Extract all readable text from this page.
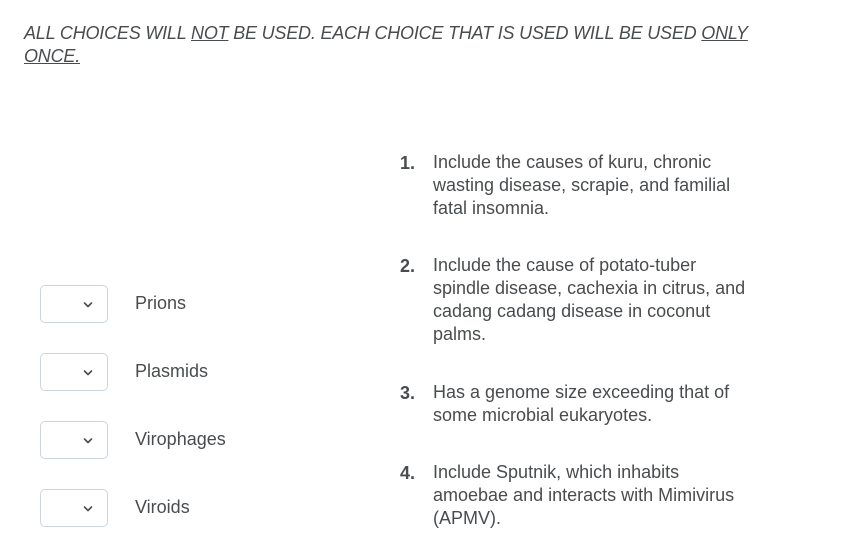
ALL CHOICES WILL NOT BE USED. EACH CHOICE THAT IS USED WILL BE USED ONLY ONCE.
Prions
Plasmids
Virophages
Viroids
1. Include the causes of kuru, chronic wasting disease, scrapie, and familial fatal insomnia.
2. Include the cause of potato-tuber spindle disease, cachexia in citrus, and cadang cadang disease in coconut palms.
3. Has a genome size exceeding that of some microbial eukaryotes.
4. Include Sputnik, which inhabits amoebae and interacts with Mimivirus (APMV).
